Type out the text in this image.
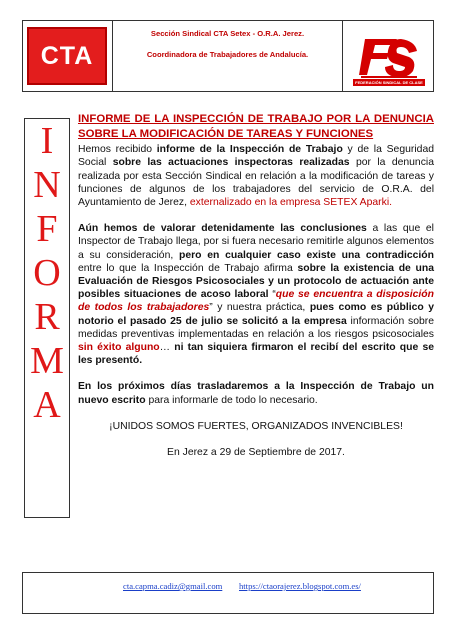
CTA
Sección Sindical CTA Setex - O.R.A. Jerez.
Coordinadora de Trabajadores de Andalucía.
FEDERACIÓN SINDICAL DE CLASE
I
N
F
O
R
M
A
INFORME DE LA INSPECCIÓN DE TRABAJO POR LA DENUNCIA SOBRE LA MODIFICACIÓN DE TAREAS Y FUNCIONES

Hemos recibido informe de la Inspección de Trabajo y de la Seguridad Social sobre las actuaciones inspectoras realizadas por la denuncia realizada por esta Sección Sindical en relación a la modificación de tareas y funciones de algunos de los trabajadores del servicio de O.R.A. del Ayuntamiento de Jerez, externalizado en la empresa SETEX Aparki.

Aún hemos de valorar detenidamente las conclusiones a las que el Inspector de Trabajo llega, por si fuera necesario remitirle algunos elementos a su consideración, pero en cualquier caso existe una contradicción entre lo que la Inspección de Trabajo afirma sobre la existencia de una Evaluación de Riesgos Psicosociales y un protocolo de actuación ante posibles situaciones de acoso laboral “que se encuentra a disposición de todos los trabajadores” y nuestra práctica, pues como es público y notorio el pasado 25 de julio se solicitó a la empresa información sobre medidas preventivas implementadas en relación a los riesgos psicosociales sin éxito alguno… ni tan siquiera firmaron el recibí del escrito que se les presentó.

En los próximos días trasladaremos a la Inspección de Trabajo un nuevo escrito para informarle de todo lo necesario.

¡UNIDOS SOMOS FUERTES, ORGANIZADOS INVENCIBLES!

En Jerez a 29 de Septiembre de 2017.

cta.capma.cadiz@gmail.com https://ctaorajerez.blogspot.com.es/
